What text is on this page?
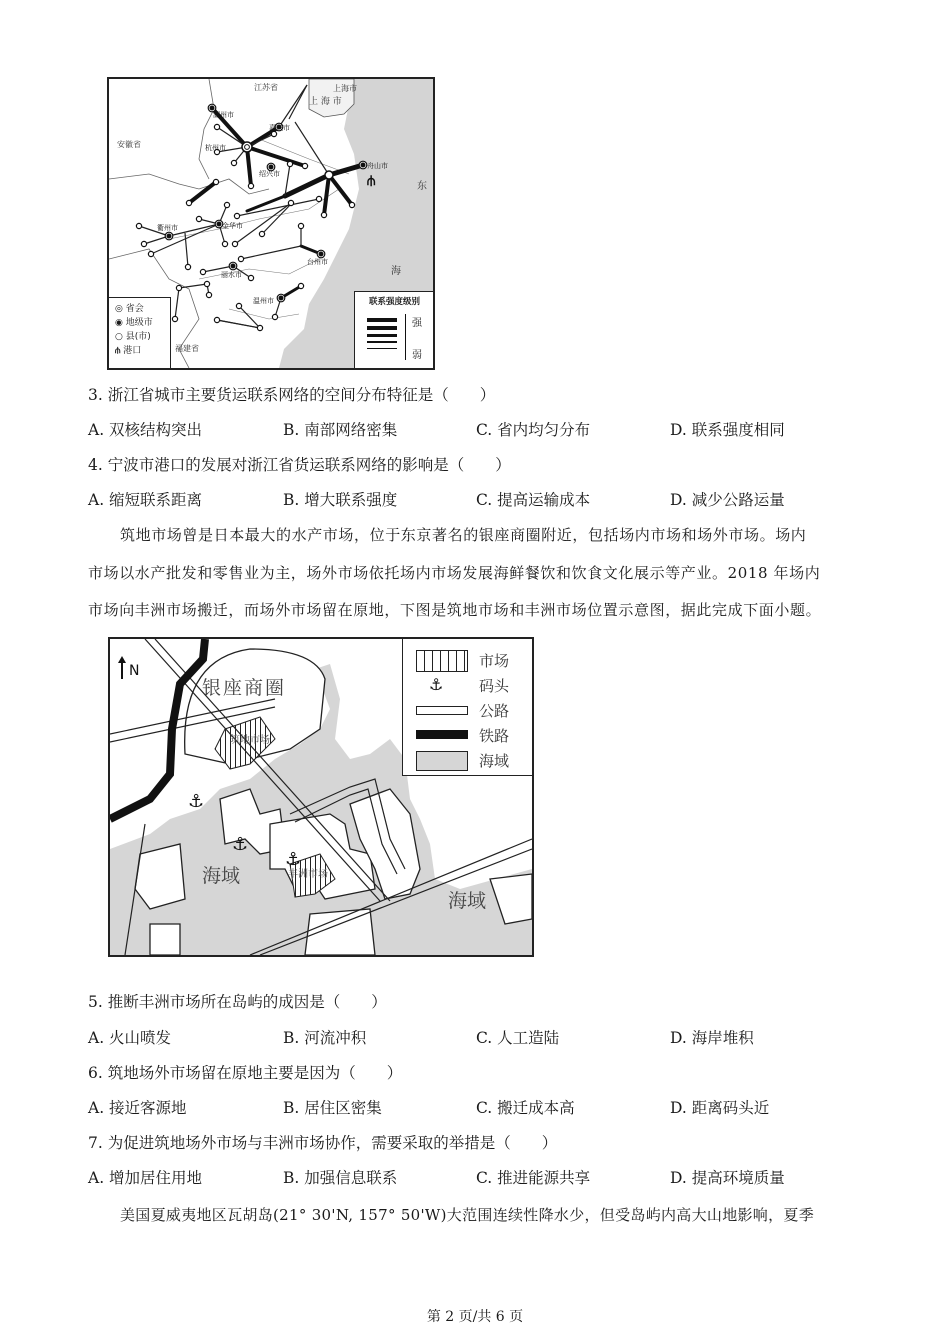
⫛
江苏省	上海市
上 海 市
安徽省
福建省
东
海
湖州市
嘉兴市
杭州市
绍兴市
舟山市
衢州市	金华市
台州市
丽水市
温州市
◎ 省会
◉ 地级市
○ 县(市)
⫛ 港口
联系强度级别
强
弱
3. 浙江省城市主要货运联系网络的空间分布特征是（　　）
A. 双核结构突出	B. 南部网络密集	C. 省内均匀分布	D. 联系强度相同
4. 宁波市港口的发展对浙江省货运联系网络的影响是（　　）
A. 缩短联系距离	B. 增大联系强度	C. 提高运输成本	D. 减少公路运量
筑地市场曾是日本最大的水产市场，位于东京著名的银座商圈附近，包括场内市场和场外市场。场内
市场以水产批发和零售业为主，场外市场依托场内市场发展海鲜餐饮和饮食文化展示等产业。2018 年场内
市场向丰洲市场搬迁，而场外市场留在原地，下图是筑地市场和丰洲市场位置示意图，据此完成下面小题。
⚓
⚓
⚓
N
银座商圈
筑地市场
丰洲市场
海域
海域
市场
⚓ 码头
公路
铁路
海域
5. 推断丰洲市场所在岛屿的成因是（　　）
A. 火山喷发	B. 河流冲积	C. 人工造陆	D. 海岸堆积
6. 筑地场外市场留在原地主要是因为（　　）
A. 接近客源地	B. 居住区密集	C. 搬迁成本高	D. 距离码头近
7. 为促进筑地场外市场与丰洲市场协作，需要采取的举措是（　　）
A. 增加居住用地	B. 加强信息联系	C. 推进能源共享	D. 提高环境质量
美国夏威夷地区瓦胡岛(21° 30'N, 157° 50'W)大范围连续性降水少，但受岛屿内高大山地影响，夏季
第 2 页/共 6 页
